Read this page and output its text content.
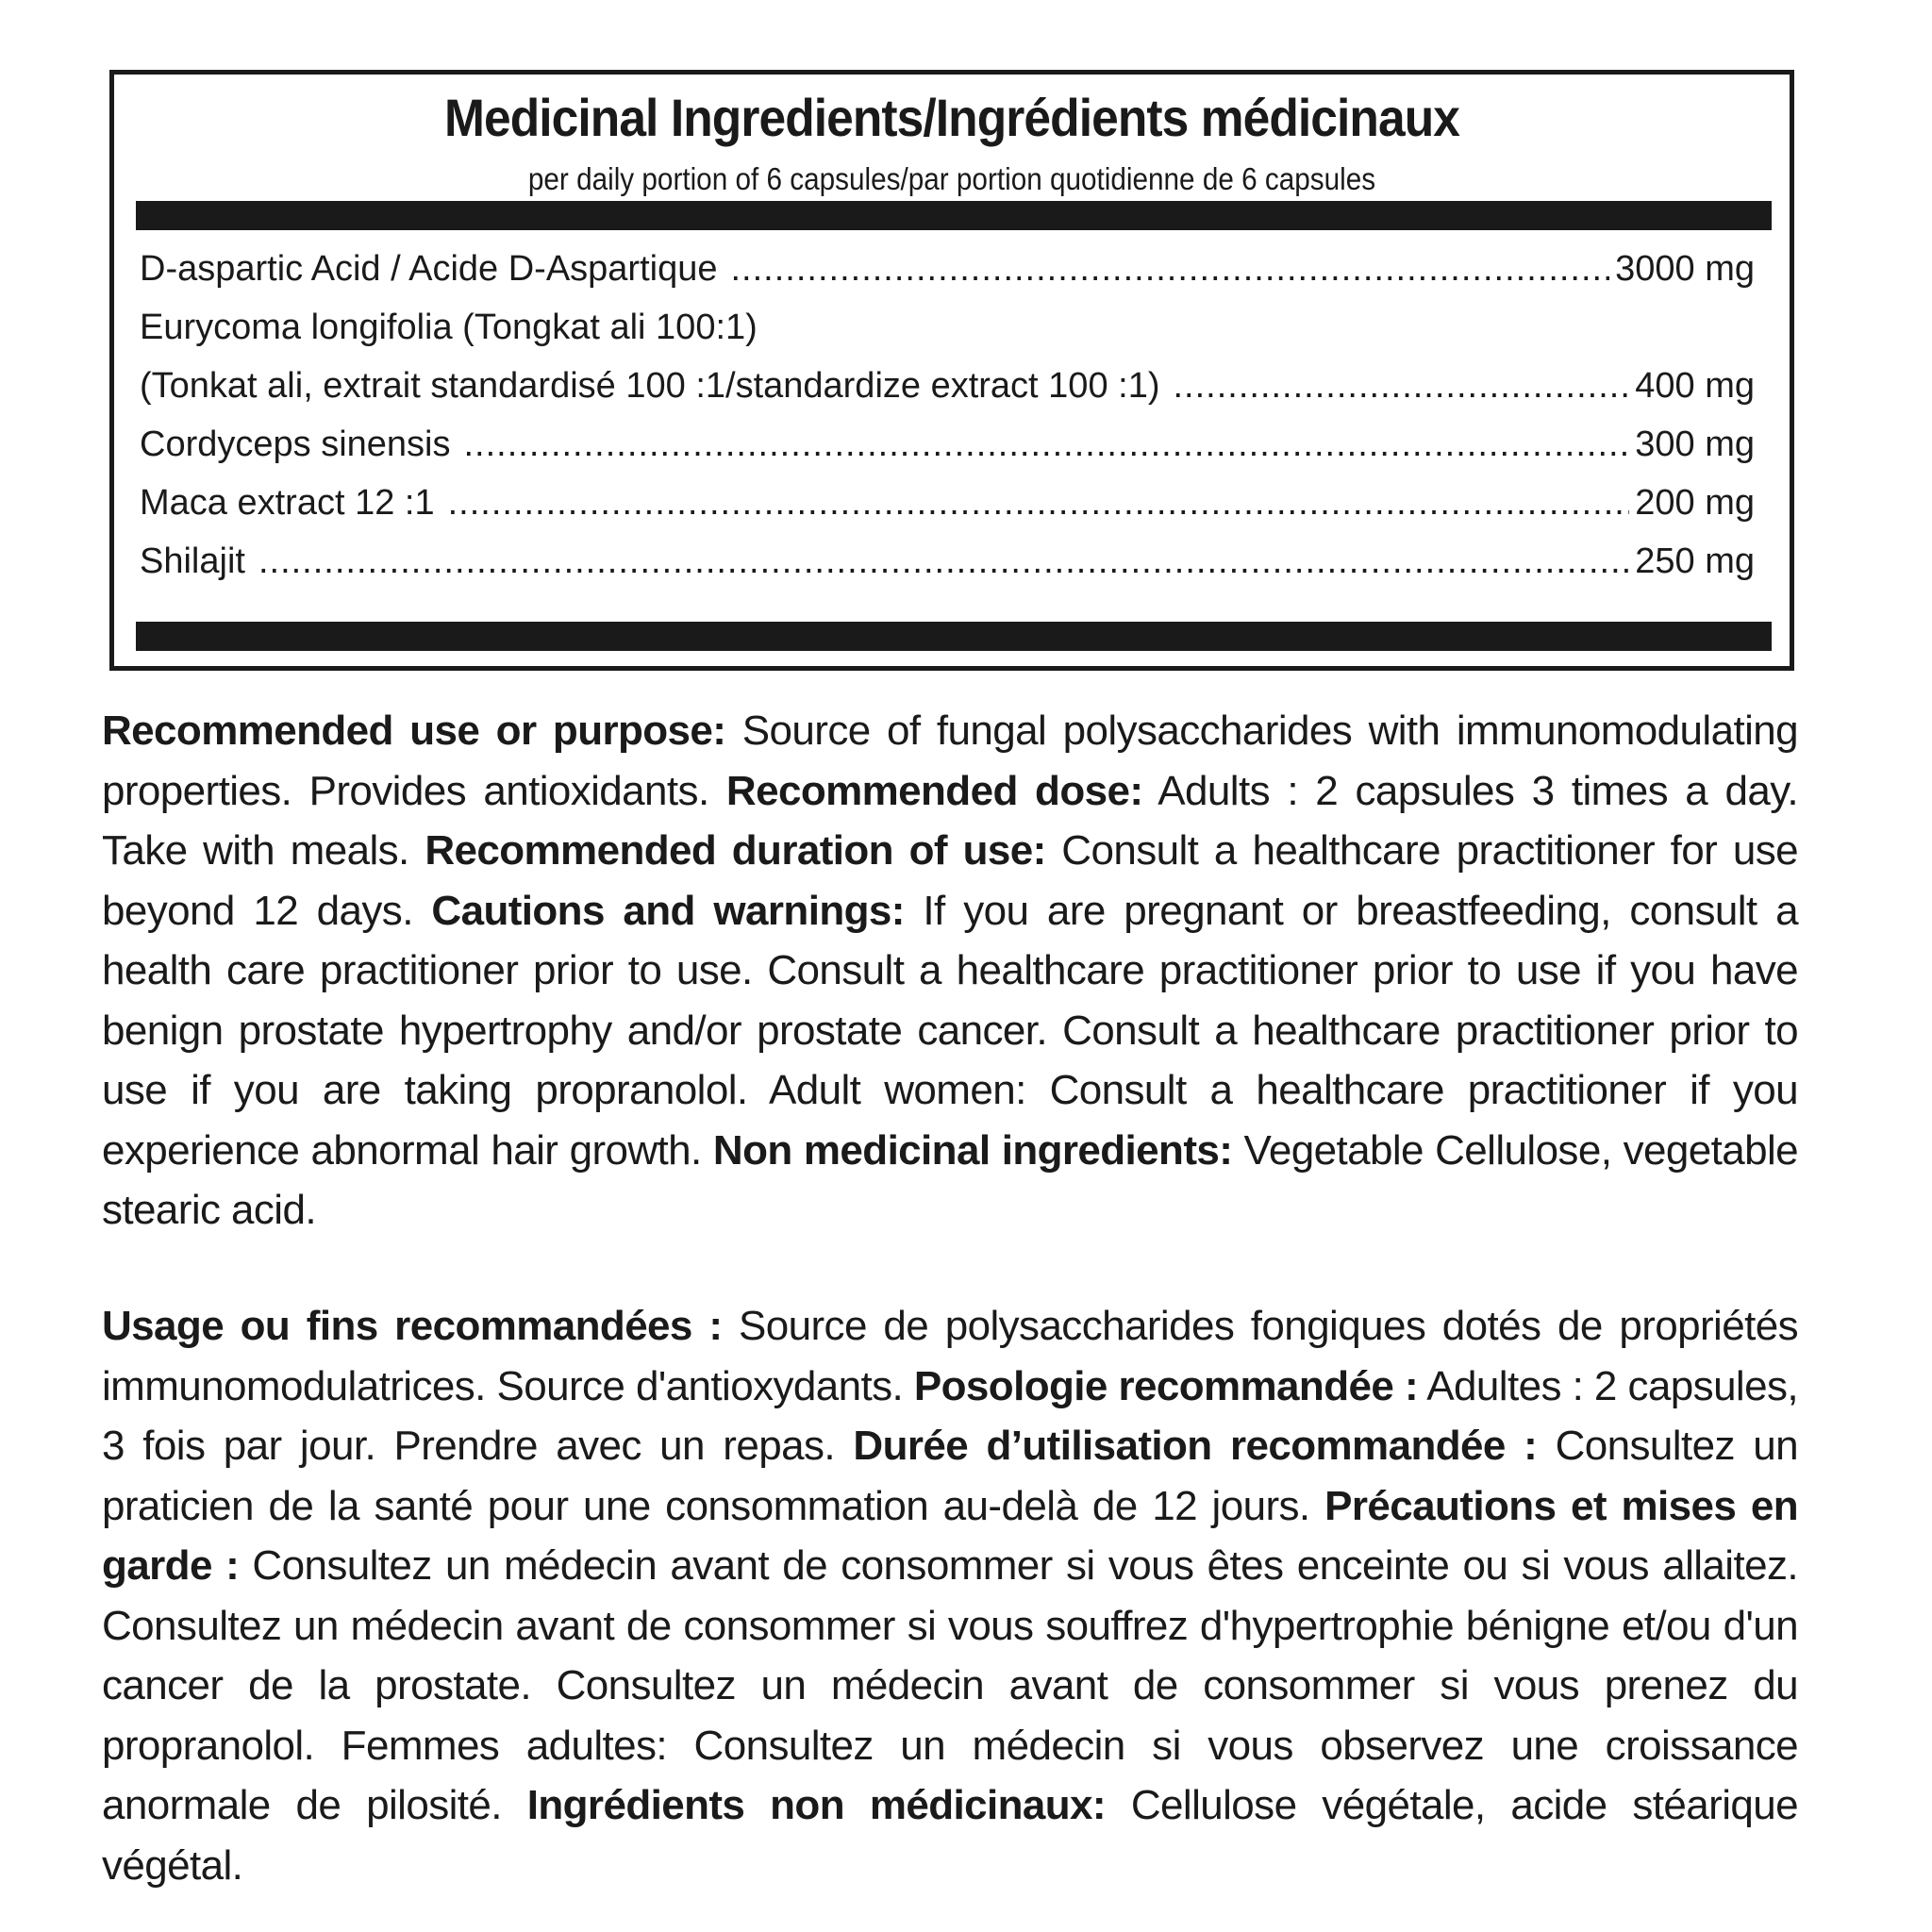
Medicinal Ingredients/Ingrédients médicinaux
per daily portion of 6 capsules/par portion quotidienne de 6 capsules
D-aspartic Acid / Acide D-Aspartique .....	3000 mg
Eurycoma longifolia (Tongkat ali 100:1)
(Tonkat ali, extrait standardisé 100 :1/standardize extract 100 :1) .....	400 mg
Cordyceps sinensis .....	300 mg
Maca extract 12 :1 .....	200 mg
Shilajit .....	250 mg
Recommended use or purpose: Source of fungal polysaccharides with immunomodulating properties. Provides antioxidants. Recommended dose: Adults : 2 capsules 3 times a day. Take with meals. Recommended duration of use: Consult a healthcare practitioner for use beyond 12 days. Cautions and warnings: If you are pregnant or breastfeeding, consult a health care practitioner prior to use. Consult a healthcare practitioner prior to use if you have benign prostate hypertrophy and/or prostate cancer. Consult a healthcare practitioner prior to use if you are taking propranolol. Adult women: Consult a healthcare practitioner if you experience abnormal hair growth. Non medicinal ingredients: Vegetable Cellulose, vegetable stearic acid.
Usage ou fins recommandées : Source de polysaccharides fongiques dotés de propriétés immunomodulatrices. Source d'antioxydants. Posologie recommandée : Adultes : 2 capsules, 3 fois par jour. Prendre avec un repas. Durée d’utilisation recommandée : Consultez un praticien de la santé pour une consommation au-delà de 12 jours. Précautions et mises en garde : Consultez un médecin avant de consommer si vous êtes enceinte ou si vous allaitez. Consultez un médecin avant de consommer si vous souffrez d'hypertrophie bénigne et/ou d'un cancer de la prostate. Consultez un médecin avant de consommer si vous prenez du propranolol. Femmes adultes: Consultez un médecin si vous observez une croissance anormale de pilosité. Ingrédients non médicinaux: Cellulose végétale, acide stéarique végétal.
